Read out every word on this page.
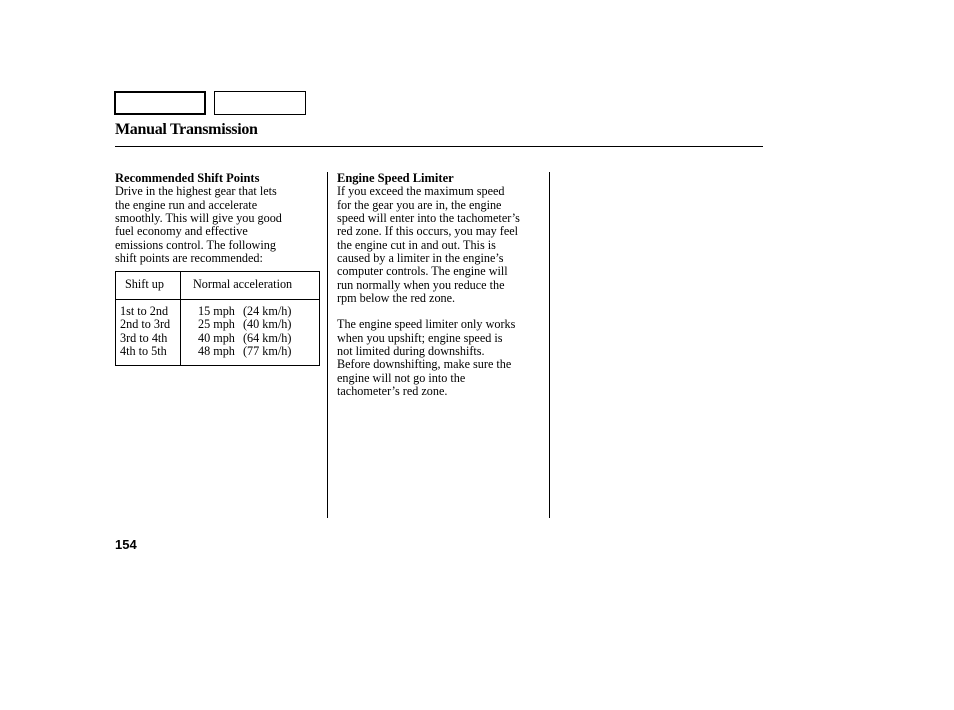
Manual Transmission
Recommended Shift Points
Drive in the highest gear that lets
the engine run and accelerate
smoothly. This will give you good
fuel economy and effective
emissions control. The following
shift points are recommended:
Shift up Normal acceleration
1st to 2nd
2nd to 3rd
3rd to 4th
4th to 5th
15 mph (24 km/h)
25 mph (40 km/h)
40 mph (64 km/h)
48 mph (77 km/h)
Engine Speed Limiter
If you exceed the maximum speed
for the gear you are in, the engine
speed will enter into the tachometer’s
red zone. If this occurs, you may feel
the engine cut in and out. This is
caused by a limiter in the engine’s
computer controls. The engine will
run normally when you reduce the
rpm below the red zone.
The engine speed limiter only works
when you upshift; engine speed is
not limited during downshifts.
Before downshifting, make sure the
engine will not go into the
tachometer’s red zone.
154
